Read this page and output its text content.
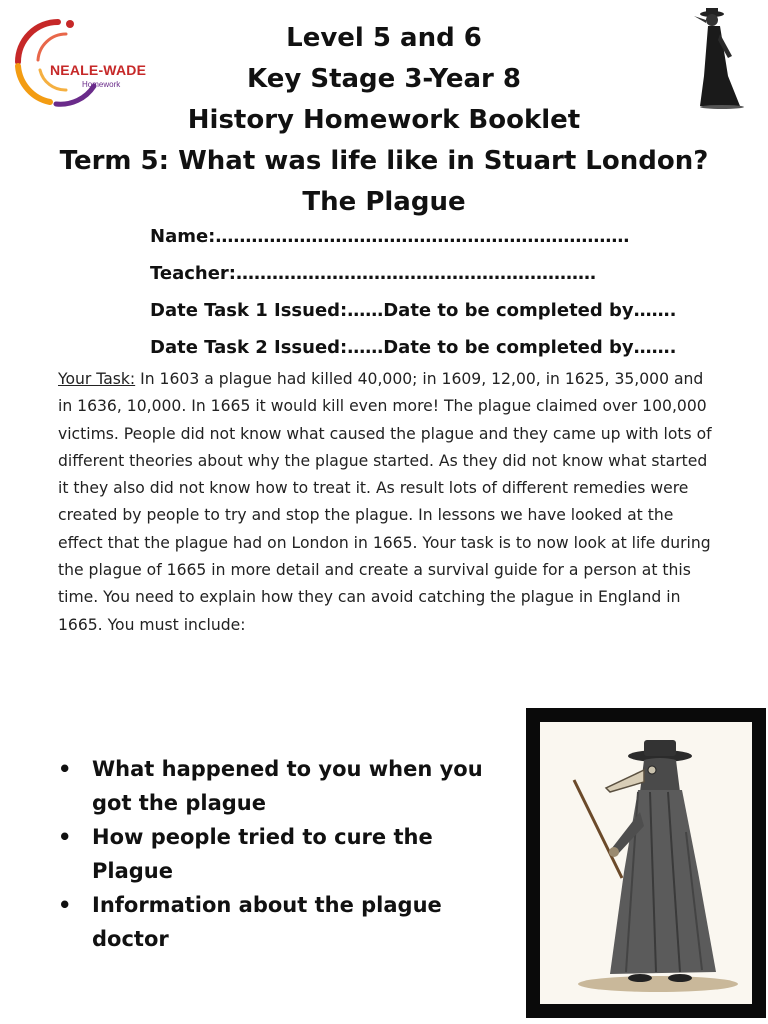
NEALE-WADE
Homework
Level 5 and 6
Key Stage 3-Year 8
History Homework Booklet
Term 5: What was life like in Stuart London?
The Plague
Name:……………………………………………………………
Teacher:……………………………………………………
Date Task 1 Issued:……Date to be completed by…….
Date Task 2 Issued:……Date to be completed by…….
Your Task: In 1603 a plague had killed 40,000; in 1609, 12,00, in 1625, 35,000 and in 1636, 10,000. In 1665 it would kill even more! The plague claimed over 100,000 victims. People did not know what caused the plague and they came up with lots of different theories about why the plague started. As they did not know what started it they also did not know how to treat it. As result lots of different remedies were created by people to try and stop the plague. In lessons we have looked at the effect that the plague had on London in 1665. Your task is to now look at life during the plague of 1665 in more detail and create a survival guide for a person at this time. You need to explain how they can avoid catching the plague in England in 1665. You must include:
• What happened to you when you got the plague
• How people tried to cure the Plague
• Information about the plague doctor
